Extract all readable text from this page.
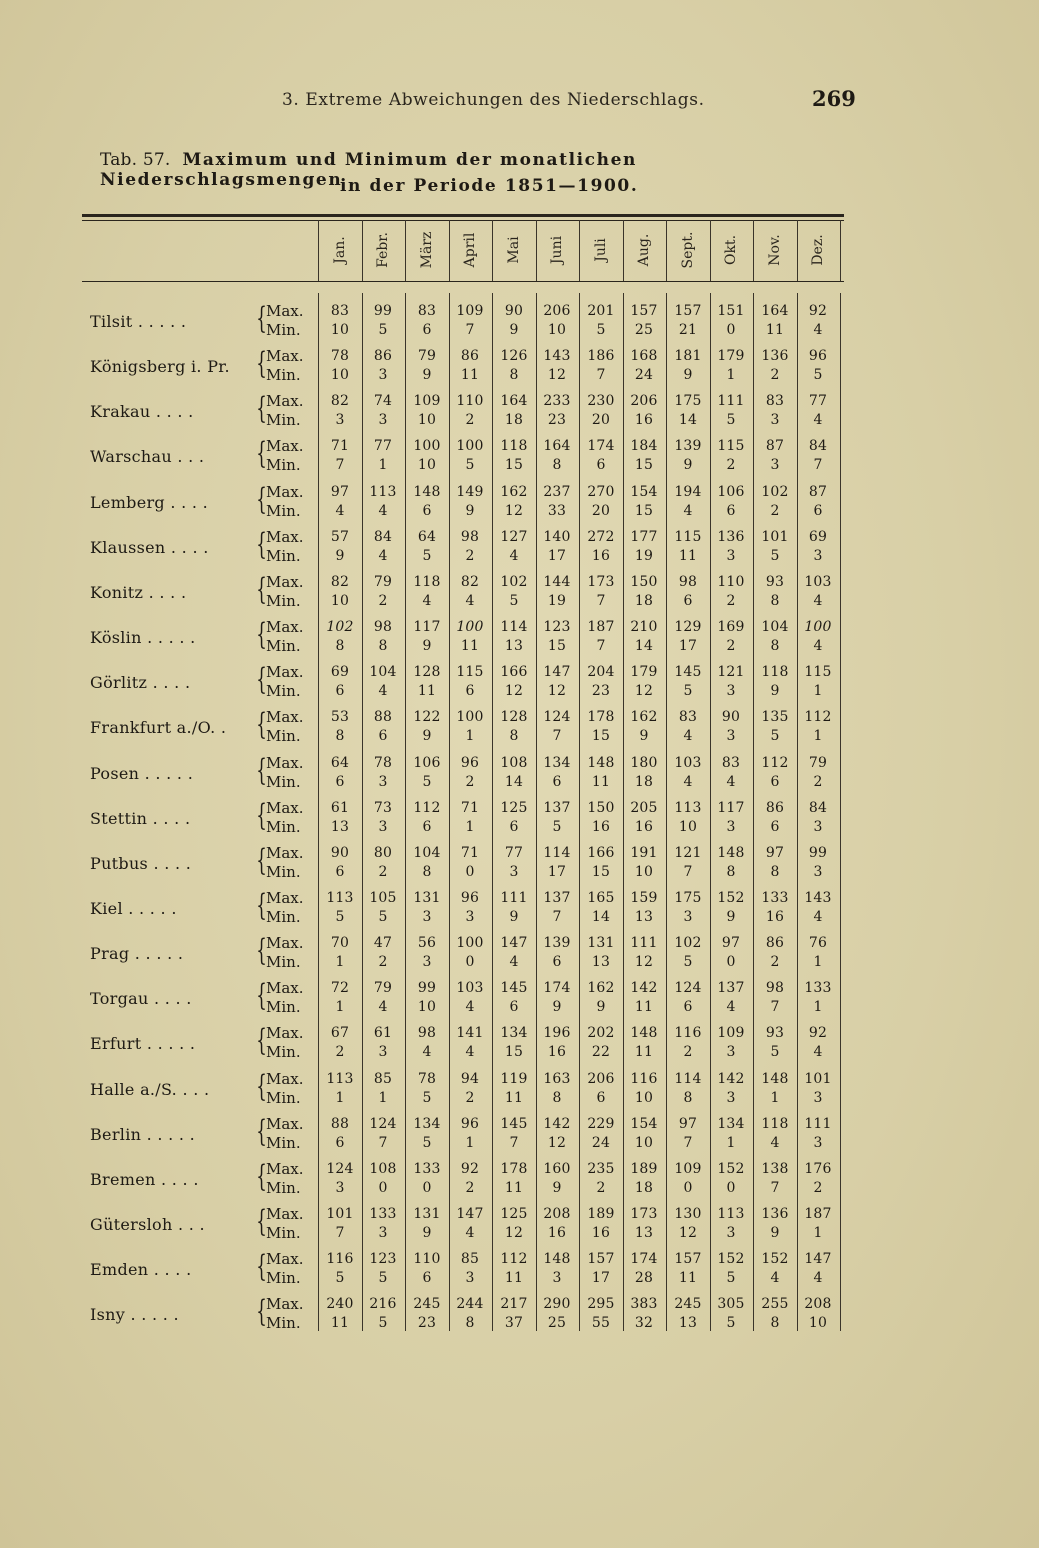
3. Extreme Abweichungen des Niederschlags.	269
Tab. 57. Maximum und Minimum der monatlichen Niederschlagsmengen
in der Periode 1851—1900.
Jan. Febr. März April Mai Juni Juli Aug. Sept. Okt. Nov. Dez.
Tilsit . . . . . { Max.
Min.
83	99	83	109	90	206	201	157	157	151	164	92
10	5	6	7	9	10	5	25	21	0	11	4
Königsberg i. Pr. { Max.
Min.
78	86	79	86	126	143	186	168	181	179	136	96
10	3	9	11	8	12	7	24	9	1	2	5
Krakau . . . . { Max.
Min.
82	74	109	110	164	233	230	206	175	111	83	77
3	3	10	2	18	23	20	16	14	5	3	4
Warschau . . . { Max.
Min.
71	77	100	100	118	164	174	184	139	115	87	84
7	1	10	5	15	8	6	15	9	2	3	7
Lemberg . . . . { Max.
Min.
97	113	148	149	162	237	270	154	194	106	102	87
4	4	6	9	12	33	20	15	4	6	2	6
Klaussen . . . . { Max.
Min.
57	84	64	98	127	140	272	177	115	136	101	69
9	4	5	2	4	17	16	19	11	3	5	3
Konitz . . . . { Max.
Min.
82	79	118	82	102	144	173	150	98	110	93	103
10	2	4	4	5	19	7	18	6	2	8	4
Köslin . . . . . { Max.
Min.
102	98	117	100	114	123	187	210	129	169	104	100
8	8	9	11	13	15	7	14	17	2	8	4
Görlitz . . . . { Max.
Min.
69	104	128	115	166	147	204	179	145	121	118	115
6	4	11	6	12	12	23	12	5	3	9	1
Frankfurt a./O. . { Max.
Min.
53	88	122	100	128	124	178	162	83	90	135	112
8	6	9	1	8	7	15	9	4	3	5	1
Posen . . . . . { Max.
Min.
64	78	106	96	108	134	148	180	103	83	112	79
6	3	5	2	14	6	11	18	4	4	6	2
Stettin . . . . { Max.
Min.
61	73	112	71	125	137	150	205	113	117	86	84
13	3	6	1	6	5	16	16	10	3	6	3
Putbus . . . . { Max.
Min.
90	80	104	71	77	114	166	191	121	148	97	99
6	2	8	0	3	17	15	10	7	8	8	3
Kiel . . . . .	{ Max.
Min.
113	105	131	96	111	137	165	159	175	152	133	143
5	5	3	3	9	7	14	13	3	9	16	4
Prag . . . . . { Max.
Min.
70	47	56	100	147	139	131	111	102	97	86	76
1	2	3	0	4	6	13	12	5	0	2	1
Torgau . . . . { Max.
Min.
72	79	99	103	145	174	162	142	124	137	98	133
1	4	10	4	6	9	9	11	6	4	7	1
Erfurt . . . . . { Max.
Min.
67	61	98	141	134	196	202	148	116	109	93	92
2	3	4	4	15	16	22	11	2	3	5	4
Halle a./S. . . . { Max.
Min.
113	85	78	94	119	163	206	116	114	142	148	101
1	1	5	2	11	8	6	10	8	3	1	3
Berlin . . . . . { Max.
Min.
88	124	134	96	145	142	229	154	97	134	118	111
6	7	5	1	7	12	24	10	7	1	4	3
Bremen . . . . { Max.
Min.
124	108	133	92	178	160	235	189	109	152	138	176
3	0	0	2	11	9	2	18	0	0	7	2
Gütersloh . . . { Max.
Min.
101	133	131	147	125	208	189	173	130	113	136	187
7	3	9	4	12	16	16	13	12	3	9	1
Emden . . . . { Max.
Min.
116	123	110	85	112	148	157	174	157	152	152	147
5	5	6	3	11	3	17	28	11	5	4	4
Isny . . . . .	{ Max.
Min.
240	216	245	244	217	290	295	383	245	305	255	208
11	5	23	8	37	25	55	32	13	5	8	10
